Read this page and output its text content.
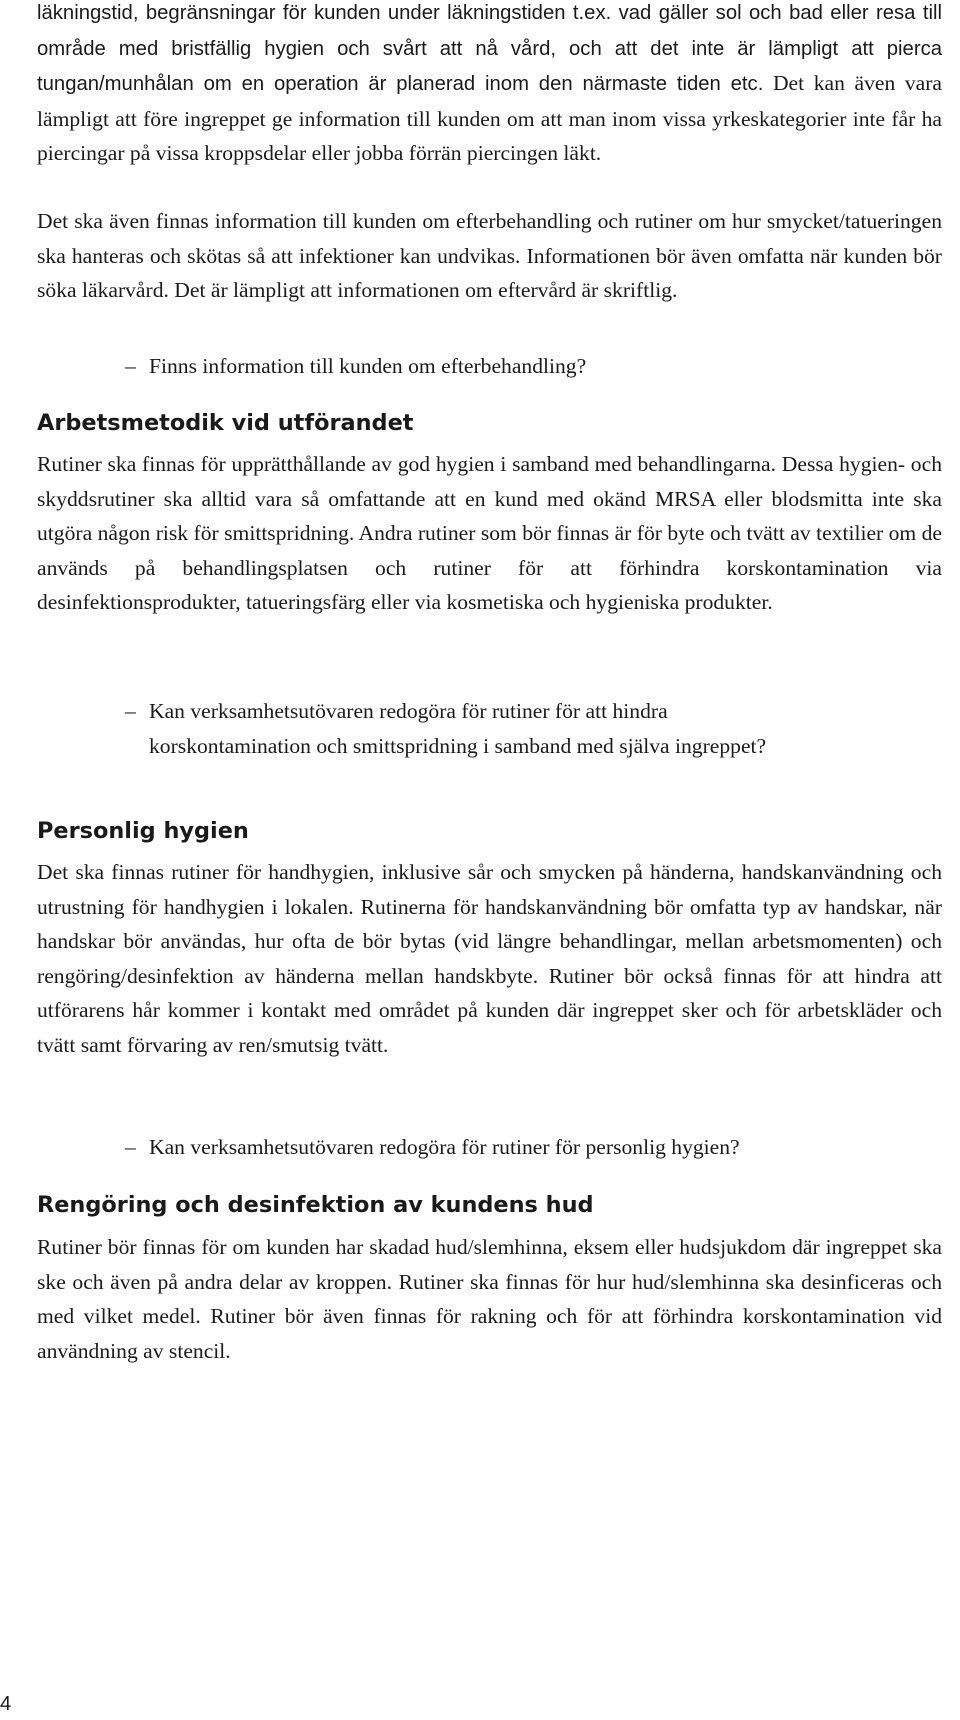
läkningstid, begränsningar för kunden under läkningstiden t.ex. vad gäller sol och bad eller resa till område med bristfällig hygien och svårt att nå vård, och att det inte är lämpligt att pierca tungan/munhålan om en operation är planerad inom den närmaste tiden etc. Det kan även vara lämpligt att före ingreppet ge information till kunden om att man inom vissa yrkeskategorier inte får ha piercingar på vissa kroppsdelar eller jobba förrän piercingen läkt.

Det ska även finnas information till kunden om efterbehandling och rutiner om hur smycket/tatueringen ska hanteras och skötas så att infektioner kan undvikas. Informationen bör även omfatta när kunden bör söka läkarvård. Det är lämpligt att informationen om eftervård är skriftlig.

– Finns information till kunden om efterbehandling?

Arbetsmetodik vid utförandet

Rutiner ska finnas för upprätthållande av god hygien i samband med behandlingarna. Dessa hygien- och skyddsrutiner ska alltid vara så omfattande att en kund med okänd MRSA eller blodsmitta inte ska utgöra någon risk för smittspridning. Andra rutiner som bör finnas är för byte och tvätt av textilier om de används på behandlingsplatsen och rutiner för att förhindra korskontamination via desinfektionsprodukter, tatueringsfärg eller via kosmetiska och hygieniska produkter.

– Kan verksamhetsutövaren redogöra för rutiner för att hindra korskontamination och smittspridning i samband med själva ingreppet?

Personlig hygien

Det ska finnas rutiner för handhygien, inklusive sår och smycken på händerna, handskanvändning och utrustning för handhygien i lokalen. Rutinerna för handskanvändning bör omfatta typ av handskar, när handskar bör användas, hur ofta de bör bytas (vid längre behandlingar, mellan arbetsmomenten) och rengöring/desinfektion av händerna mellan handskbyte. Rutiner bör också finnas för att hindra att utförarens hår kommer i kontakt med området på kunden där ingreppet sker och för arbetskläder och tvätt samt förvaring av ren/smutsig tvätt.

– Kan verksamhetsutövaren redogöra för rutiner för personlig hygien?

Rengöring och desinfektion av kundens hud

Rutiner bör finnas för om kunden har skadad hud/slemhinna, eksem eller hudsjukdom där ingreppet ska ske och även på andra delar av kroppen. Rutiner ska finnas för hur hud/slemhinna ska desinficeras och med vilket medel. Rutiner bör även finnas för rakning och för att förhindra korskontamination vid användning av stencil.

4
